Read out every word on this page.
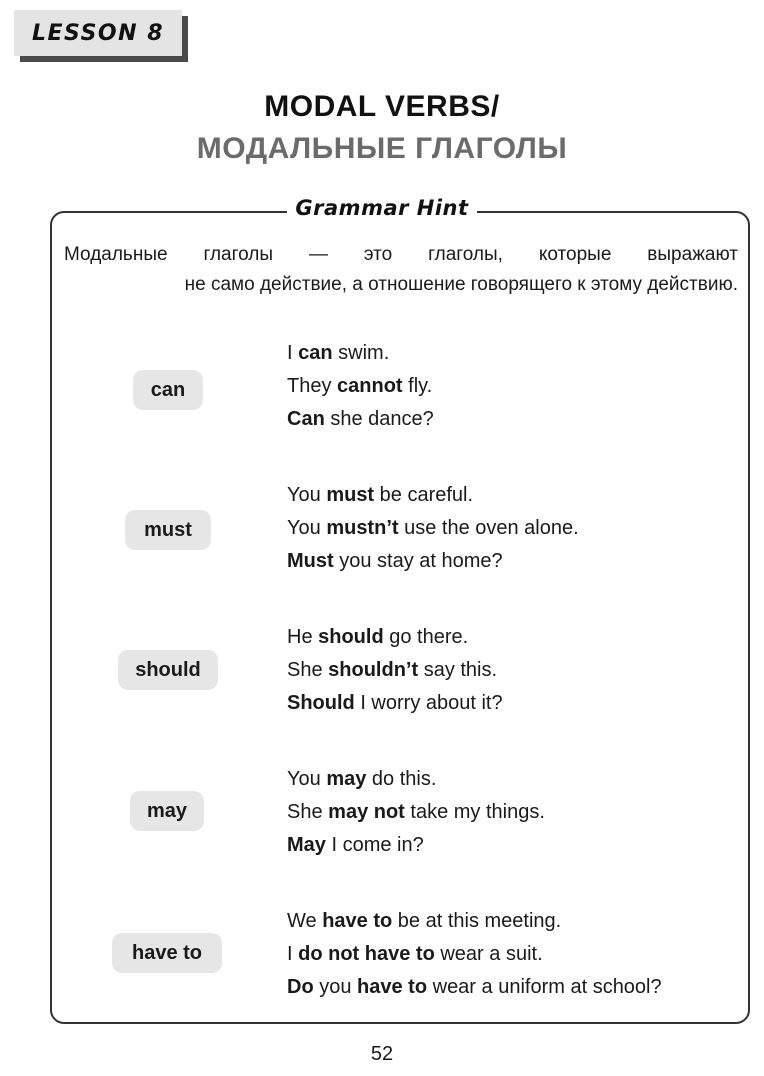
LESSON 8
MODAL VERBS/
МОДАЛЬНЫЕ ГЛАГОЛЫ
Grammar Hint
Модальные глаголы — это глаголы, которые выражают
не само действие, а отношение говорящего к этому действию.
can
I can swim.
They cannot fly.
Can she dance?
must
You must be careful.
You mustn’t use the oven alone.
Must you stay at home?
should
He should go there.
She shouldn’t say this.
Should I worry about it?
may
You may do this.
She may not take my things.
May I come in?
have to
We have to be at this meeting.
I do not have to wear a suit.
Do you have to wear a uniform at school?
52
